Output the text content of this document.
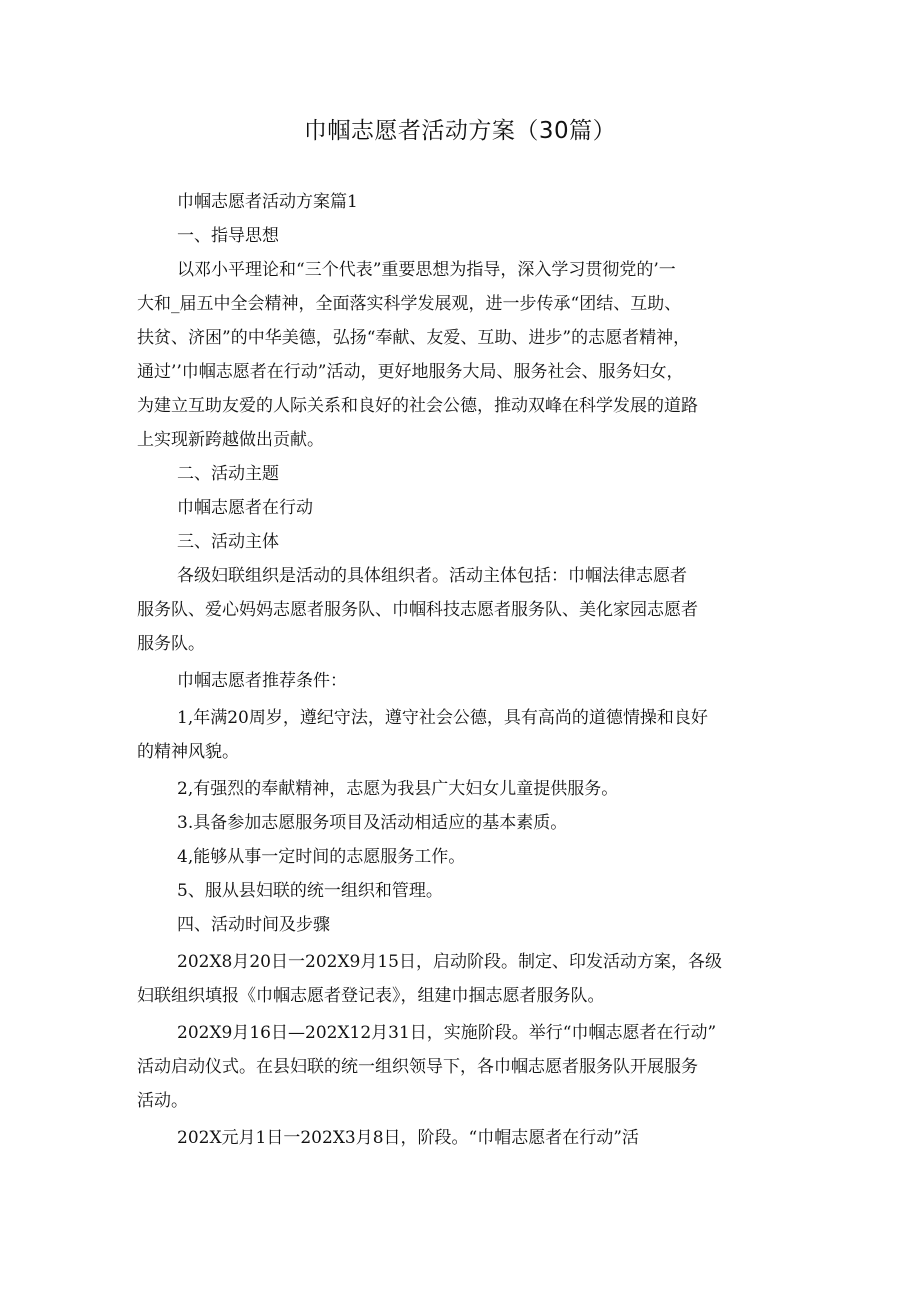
巾帼志愿者活动方案（30篇）
巾帼志愿者活动方案篇1
一、指导思想
以邓小平理论和“三个代表”重要思想为指导，深入学习贯彻党的’一
大和_届五中全会精神，全面落实科学发展观，进一步传承“团结、互助、
扶贫、济困”的中华美德，弘扬“奉献、友爱、互助、进步”的志愿者精神，
通过’’巾帼志愿者在行动”活动，更好地服务大局、服务社会、服务妇女，
为建立互助友爱的人际关系和良好的社会公德，推动双峰在科学发展的道路
上实现新跨越做出贡献。
二、活动主题
巾帼志愿者在行动
三、活动主体
各级妇联组织是活动的具体组织者。活动主体包括：巾帼法律志愿者
服务队、爱心妈妈志愿者服务队、巾帼科技志愿者服务队、美化家园志愿者
服务队。
巾帼志愿者推荐条件：
1,年满20周岁，遵纪守法，遵守社会公德，具有高尚的道德情操和良好
的精神风貌。
2,有强烈的奉献精神，志愿为我县广大妇女儿童提供服务。
3.具备参加志愿服务项目及活动相适应的基本素质。
4,能够从事一定时间的志愿服务工作。
5、服从县妇联的统一组织和管理。
四、活动时间及步骤
202X8月20日一202X9月15日，启动阶段。制定、印发活动方案，各级
妇联组织填报《巾帼志愿者登记表》，组建巾掴志愿者服务队。
202X9月16日—202X12月31日，实施阶段。举行“巾帼志愿者在行动”
活动启动仪式。在县妇联的统一组织领导下，各巾帼志愿者服务队开展服务
活动。
202X元月1日一202X3月8日，阶段。“巾帽志愿者在行动”活
